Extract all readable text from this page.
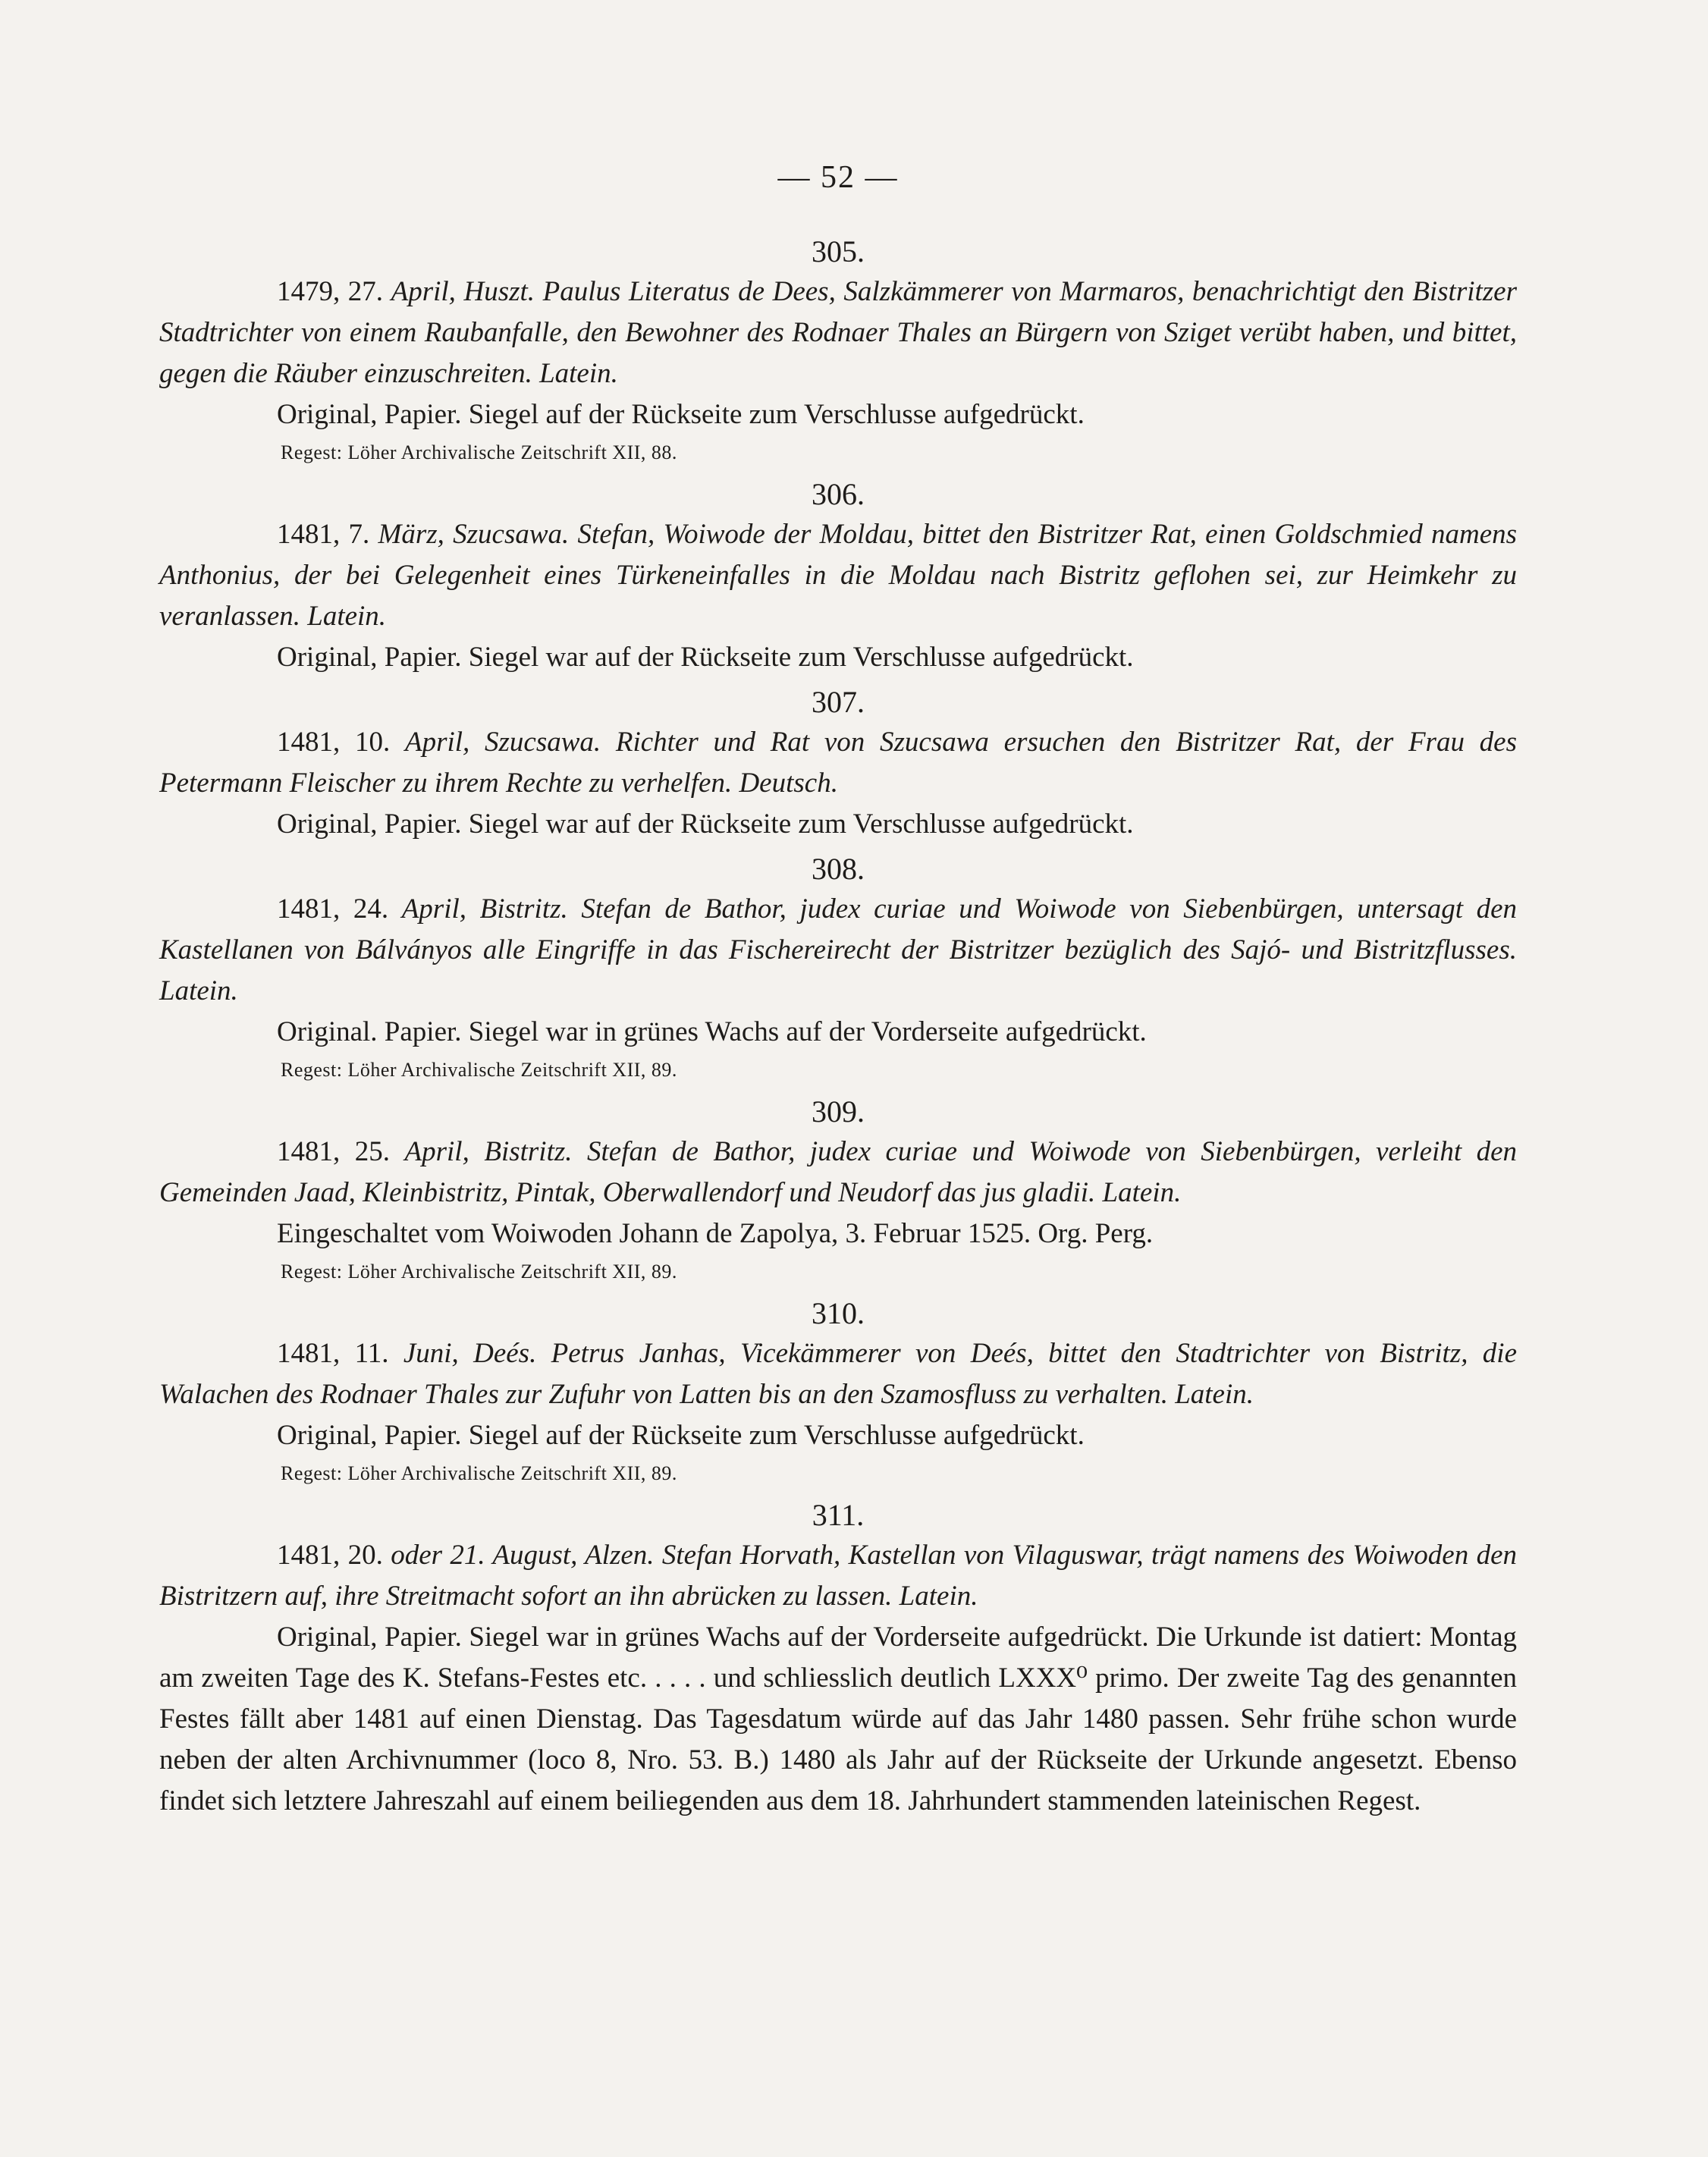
— 52 —
305.

1479, 27. April, Huszt. Paulus Literatus de Dees, Salzkämmerer von Marmaros, benachrichtigt den Bistritzer Stadtrichter von einem Raubanfalle, den Bewohner des Rodnaer Thales an Bürgern von Sziget verübt haben, und bittet, gegen die Räuber einzuschreiten. Latein.

Original, Papier. Siegel auf der Rückseite zum Verschlusse aufgedrückt.

Regest: Löher Archivalische Zeitschrift XII, 88.

306.

1481, 7. März, Szucsawa. Stefan, Woiwode der Moldau, bittet den Bistritzer Rat, einen Goldschmied namens Anthonius, der bei Gelegenheit eines Türkeneinfalles in die Moldau nach Bistritz geflohen sei, zur Heimkehr zu veranlassen. Latein.

Original, Papier. Siegel war auf der Rückseite zum Verschlusse aufgedrückt.

307.

1481, 10. April, Szucsawa. Richter und Rat von Szucsawa ersuchen den Bistritzer Rat, der Frau des Petermann Fleischer zu ihrem Rechte zu verhelfen. Deutsch.

Original, Papier. Siegel war auf der Rückseite zum Verschlusse aufgedrückt.

308.

1481, 24. April, Bistritz. Stefan de Bathor, judex curiae und Woiwode von Siebenbürgen, untersagt den Kastellanen von Bálványos alle Eingriffe in das Fischereirecht der Bistritzer bezüglich des Sajó- und Bistritzflusses. Latein.

Original. Papier. Siegel war in grünes Wachs auf der Vorderseite aufgedrückt.

Regest: Löher Archivalische Zeitschrift XII, 89.

309.

1481, 25. April, Bistritz. Stefan de Bathor, judex curiae und Woiwode von Siebenbürgen, verleiht den Gemeinden Jaad, Kleinbistritz, Pintak, Oberwallendorf und Neudorf das jus gladii. Latein.

Eingeschaltet vom Woiwoden Johann de Zapolya, 3. Februar 1525. Org. Perg.

Regest: Löher Archivalische Zeitschrift XII, 89.

310.

1481, 11. Juni, Deés. Petrus Janhas, Vicekämmerer von Deés, bittet den Stadtrichter von Bistritz, die Walachen des Rodnaer Thales zur Zufuhr von Latten bis an den Szamosfluss zu verhalten. Latein.

Original, Papier. Siegel auf der Rückseite zum Verschlusse aufgedrückt.

Regest: Löher Archivalische Zeitschrift XII, 89.

311.

1481, 20. oder 21. August, Alzen. Stefan Horvath, Kastellan von Vilaguswar, trägt namens des Woiwoden den Bistritzern auf, ihre Streitmacht sofort an ihn abrücken zu lassen. Latein.

Original, Papier. Siegel war in grünes Wachs auf der Vorderseite aufgedrückt. Die Urkunde ist datiert: Montag am zweiten Tage des K. Stefans-Festes etc. . . . . und schliesslich deutlich LXXX⁰ primo. Der zweite Tag des genannten Festes fällt aber 1481 auf einen Dienstag. Das Tagesdatum würde auf das Jahr 1480 passen. Sehr frühe schon wurde neben der alten Archivnummer (loco 8, Nro. 53. B.) 1480 als Jahr auf der Rückseite der Urkunde angesetzt. Ebenso findet sich letztere Jahreszahl auf einem beiliegenden aus dem 18. Jahrhundert stammenden lateinischen Regest.
